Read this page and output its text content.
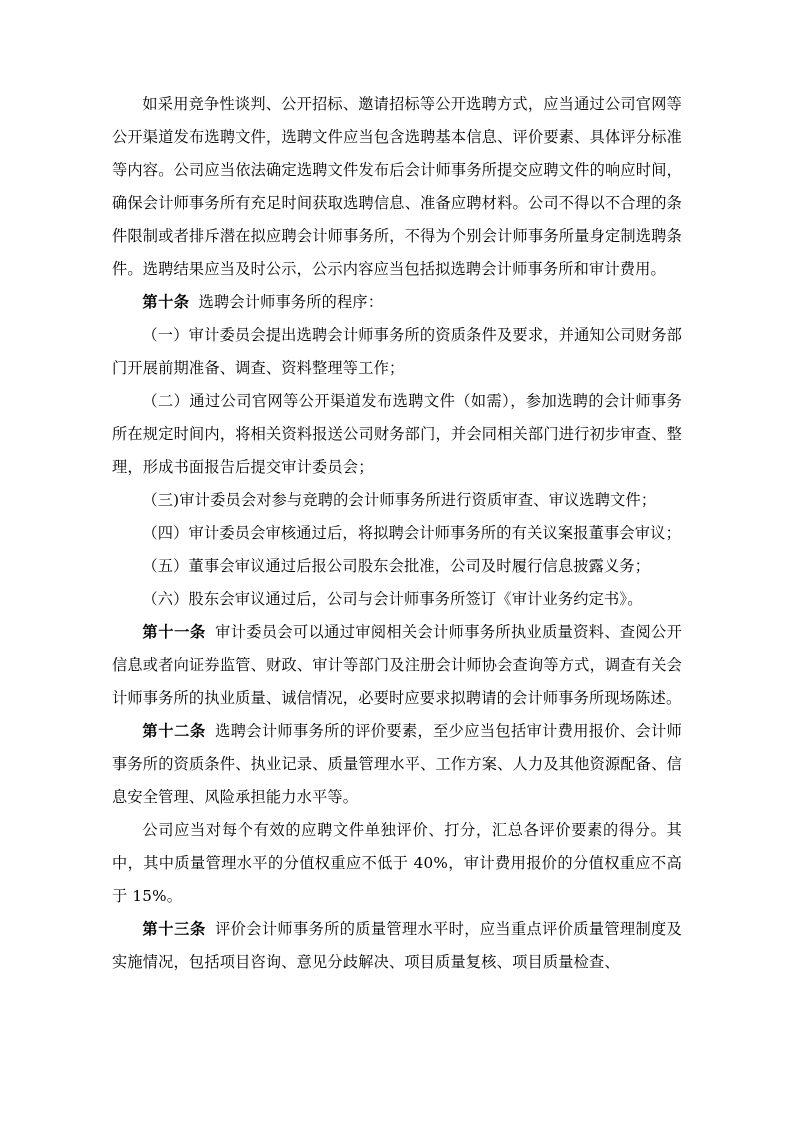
如采用竞争性谈判、公开招标、邀请招标等公开选聘方式，应当通过公司官网等公开渠道发布选聘文件，选聘文件应当包含选聘基本信息、评价要素、具体评分标准等内容。公司应当依法确定选聘文件发布后会计师事务所提交应聘文件的响应时间，确保会计师事务所有充足时间获取选聘信息、准备应聘材料。公司不得以不合理的条件限制或者排斥潜在拟应聘会计师事务所，不得为个别会计师事务所量身定制选聘条件。选聘结果应当及时公示，公示内容应当包括拟选聘会计师事务所和审计费用。

第十条 选聘会计师事务所的程序：

（一）审计委员会提出选聘会计师事务所的资质条件及要求，并通知公司财务部门开展前期准备、调查、资料整理等工作；

（二）通过公司官网等公开渠道发布选聘文件（如需），参加选聘的会计师事务所在规定时间内，将相关资料报送公司财务部门，并会同相关部门进行初步审查、整理，形成书面报告后提交审计委员会；

（三)审计委员会对参与竞聘的会计师事务所进行资质审查、审议选聘文件；

（四）审计委员会审核通过后，将拟聘会计师事务所的有关议案报董事会审议；

（五）董事会审议通过后报公司股东会批准，公司及时履行信息披露义务；

（六）股东会审议通过后，公司与会计师事务所签订《审计业务约定书》。

第十一条 审计委员会可以通过审阅相关会计师事务所执业质量资料、查阅公开信息或者向证券监管、财政、审计等部门及注册会计师协会查询等方式，调查有关会计师事务所的执业质量、诚信情况，必要时应要求拟聘请的会计师事务所现场陈述。

第十二条 选聘会计师事务所的评价要素，至少应当包括审计费用报价、会计师事务所的资质条件、执业记录、质量管理水平、工作方案、人力及其他资源配备、信息安全管理、风险承担能力水平等。

公司应当对每个有效的应聘文件单独评价、打分，汇总各评价要素的得分。其中，其中质量管理水平的分值权重应不低于 40%，审计费用报价的分值权重应不高于 15%。

第十三条 评价会计师事务所的质量管理水平时，应当重点评价质量管理制度及实施情况，包括项目咨询、意见分歧解决、项目质量复核、项目质量检查、
